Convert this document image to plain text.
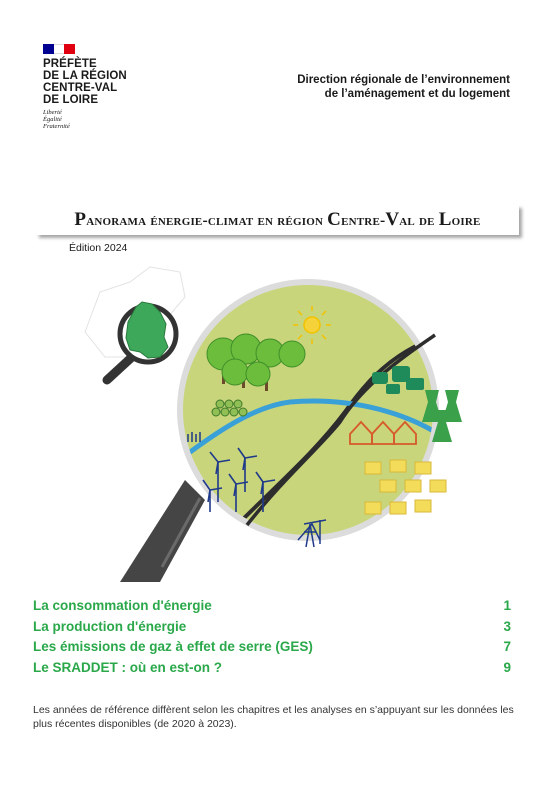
PRÉFÈTE
DE LA RÉGION
CENTRE-VAL
DE LOIRE
Liberté
Égalité
Fraternité
Direction régionale de l’environnement
de l’aménagement et du logement
Panorama énergie-climat en région Centre-Val de Loire
Édition 2024
La consommation d'énergie	1
La production d'énergie	3
Les émissions de gaz à effet de serre (GES)	7
Le SRADDET : où en est-on ?	9
Les années de référence diffèrent selon les chapitres et les analyses en s’appuyant sur les données les plus récentes disponibles (de 2020 à 2023).
